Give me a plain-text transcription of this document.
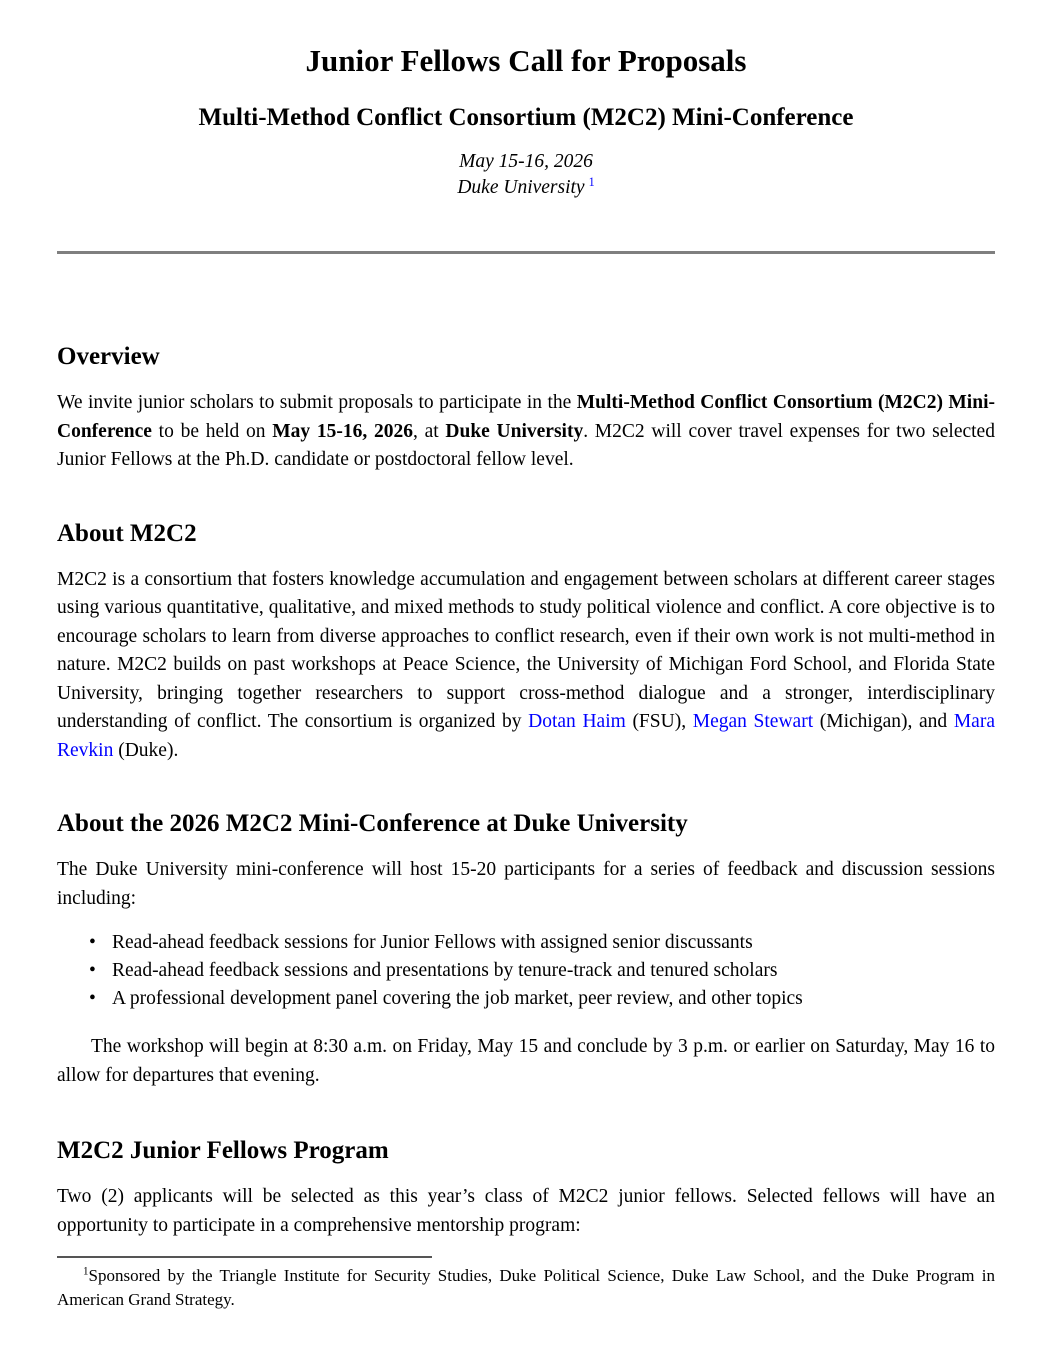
Junior Fellows Call for Proposals
Multi-Method Conflict Consortium (M2C2) Mini-Conference

May 15-16, 2026

Duke University $^1$

Overview

We invite junior scholars to submit proposals to participate in the Multi-Method Conflict Consortium (M2C2) Mini-Conference to be held on May 15-16, 2026, at Duke University. M2C2 will cover travel expenses for two selected Junior Fellows at the Ph.D. candidate or postdoctoral fellow level.

About M2C2

M2C2 is a consortium that fosters knowledge accumulation and engagement between scholars at different career stages using various quantitative, qualitative, and mixed methods to study political violence and conflict. A core objective is to encourage scholars to learn from diverse approaches to conflict research, even if their own work is not multi-method in nature. M2C2 builds on past workshops at Peace Science, the University of Michigan Ford School, and Florida State University, bringing together researchers to support cross-method dialogue and a stronger, interdisciplinary understanding of conflict. The consortium is organized by Dotan Haim (FSU), Megan Stewart (Michigan), and Mara Revkin (Duke).

About the 2026 M2C2 Mini-Conference at Duke University

The Duke University mini-conference will host 15-20 participants for a series of feedback and discussion sessions including:

• Read-ahead feedback sessions for Junior Fellows with assigned senior discussants
• Read-ahead feedback sessions and presentations by tenure-track and tenured scholars
• A professional development panel covering the job market, peer review, and other topics

The workshop will begin at 8:30 a.m. on Friday, May 15 and conclude by 3 p.m. or earlier on Saturday, May 16 to allow for departures that evening.

M2C2 Junior Fellows Program

Two (2) applicants will be selected as this year’s class of M2C2 junior fellows. Selected fellows will have an opportunity to participate in a comprehensive mentorship program:

$^1$Sponsored by the Triangle Institute for Security Studies, Duke Political Science, Duke Law School, and the Duke Program in American Grand Strategy.
